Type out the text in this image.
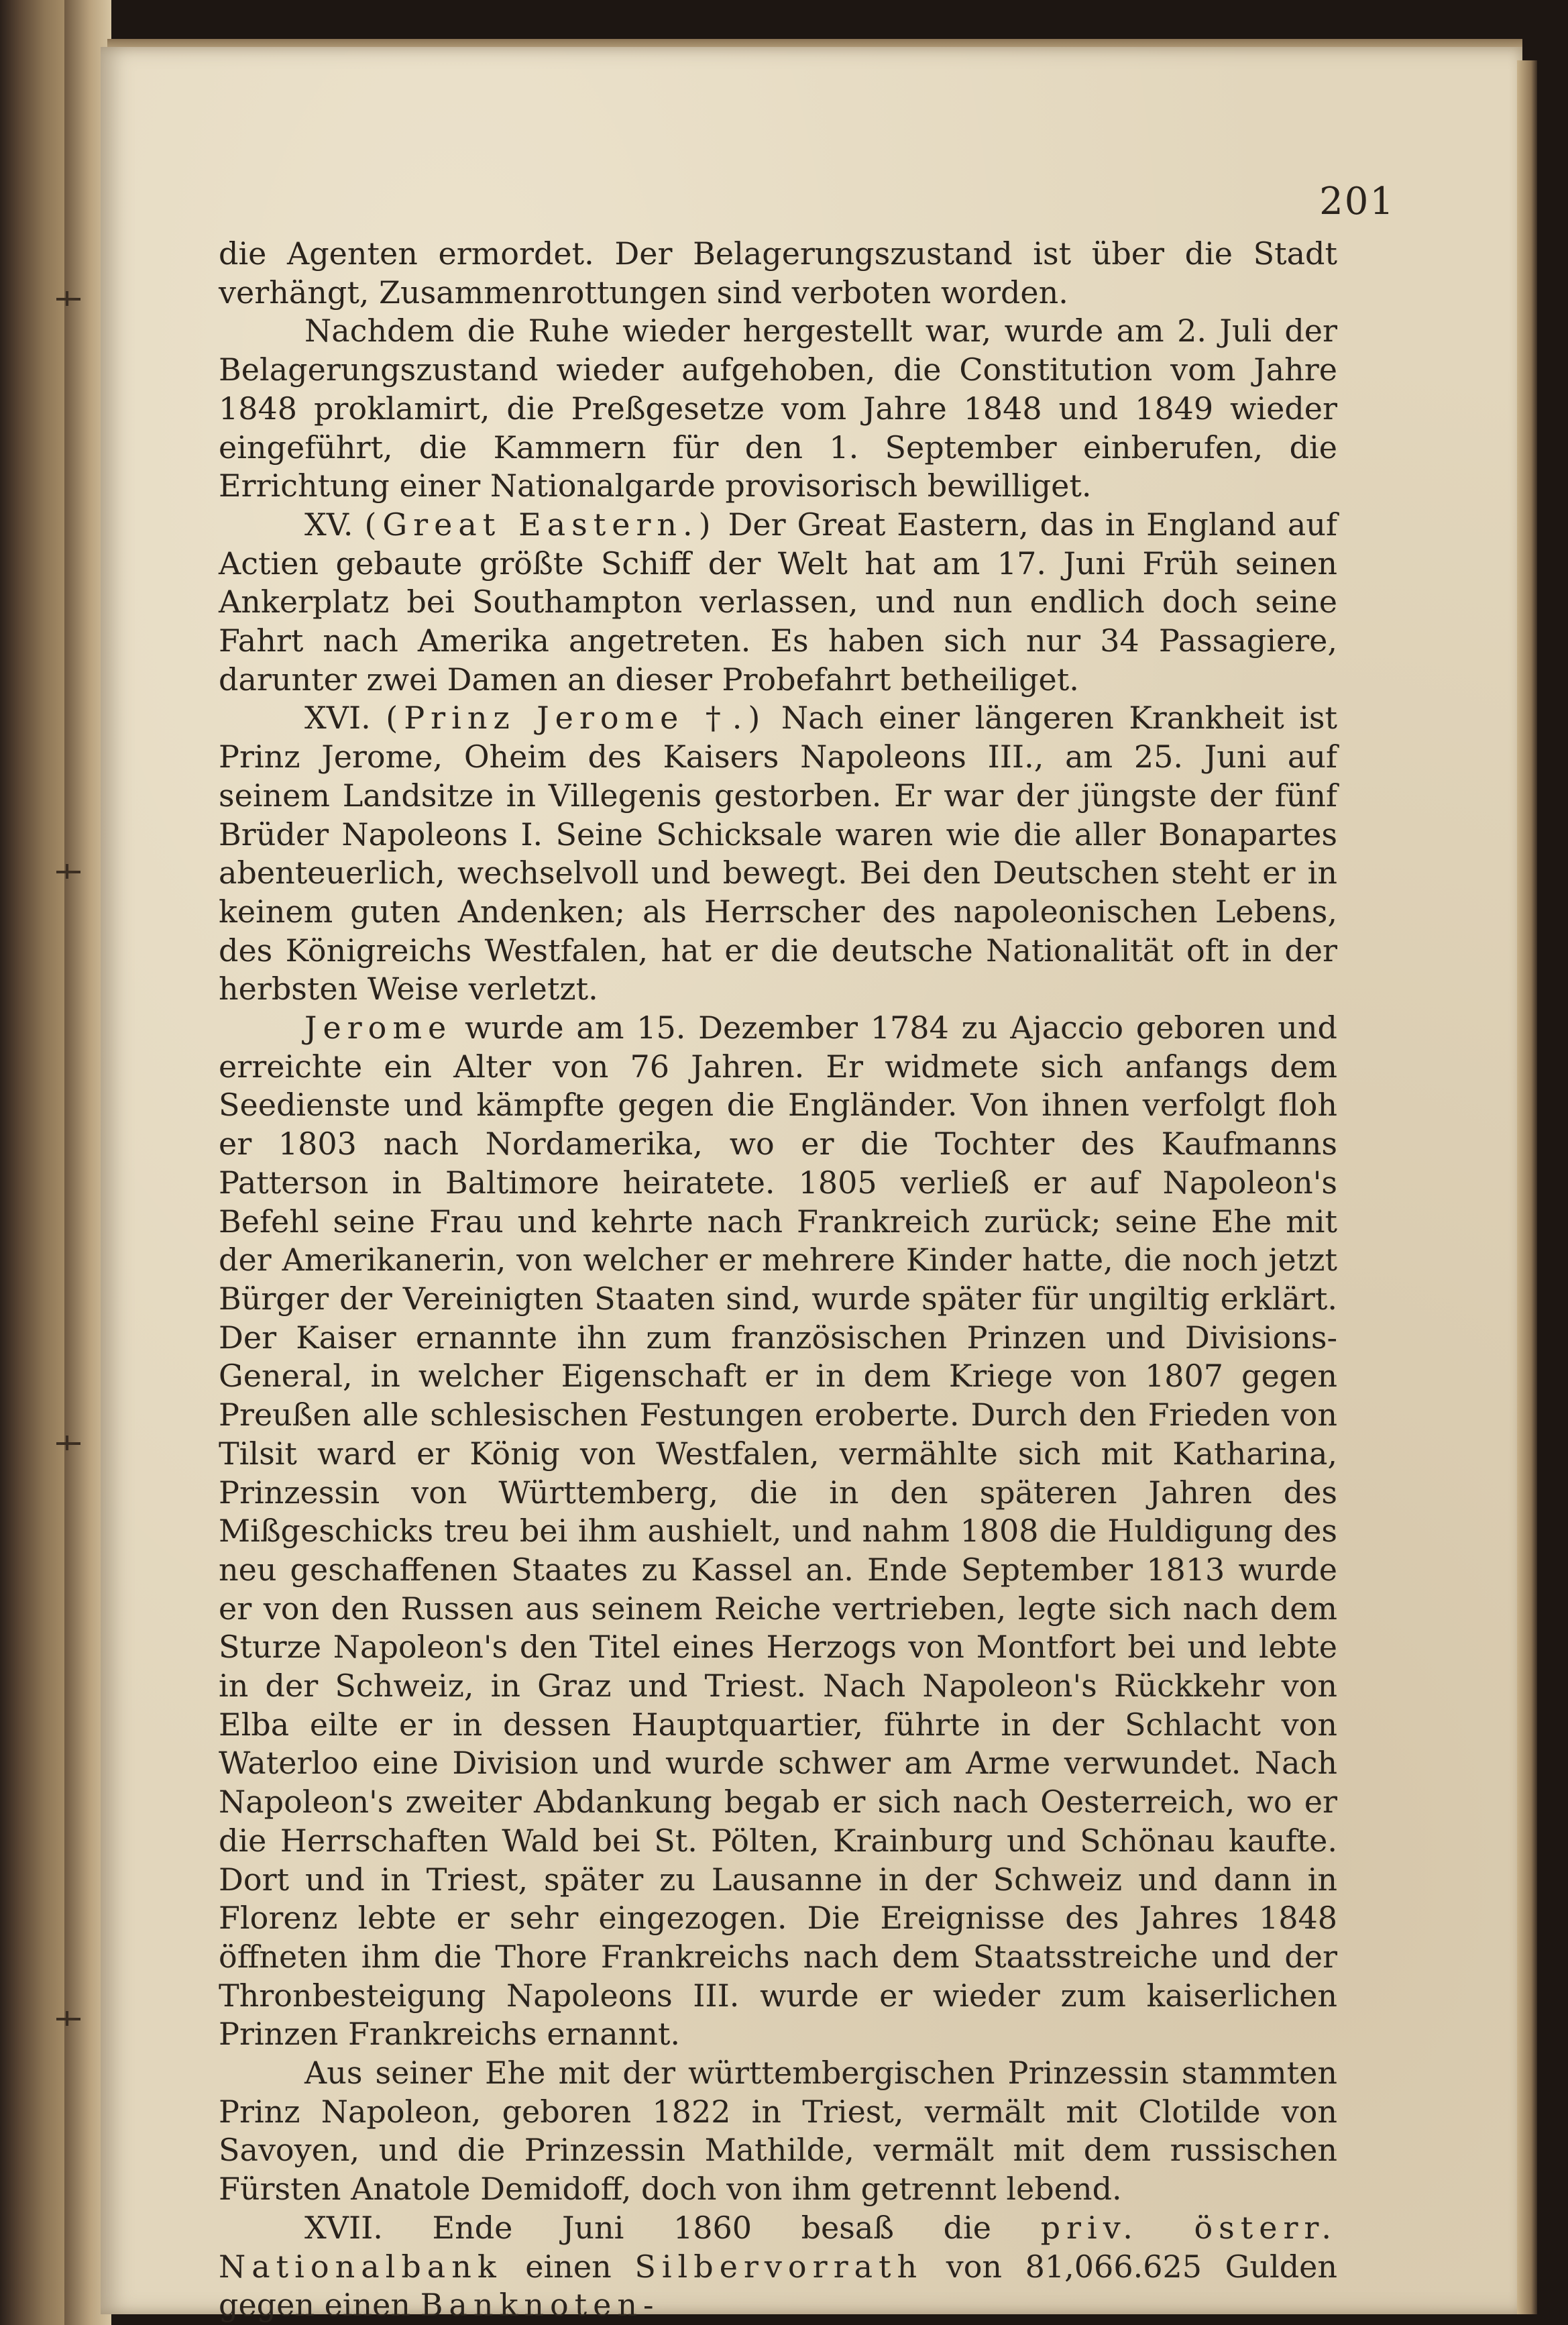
201

die Agenten ermordet. Der Belagerungszustand ist über die Stadt verhängt, Zusammenrottungen sind verboten worden.

Nachdem die Ruhe wieder hergestellt war, wurde am 2. Juli der Belagerungszustand wieder aufgehoben, die Constitution vom Jahre 1848 proklamirt, die Preßgesetze vom Jahre 1848 und 1849 wieder eingeführt, die Kammern für den 1. September einberufen, die Errichtung einer Nationalgarde provisorisch bewilliget.

XV. (Great Eastern.) Der Great Eastern, das in England auf Actien gebaute größte Schiff der Welt hat am 17. Juni Früh seinen Ankerplatz bei Southampton verlassen, und nun endlich doch seine Fahrt nach Amerika angetreten. Es haben sich nur 34 Passagiere, darunter zwei Damen an dieser Probefahrt betheiliget.

XVI. (Prinz Jerome †.) Nach einer längeren Krankheit ist Prinz Jerome, Oheim des Kaisers Napoleons III., am 25. Juni auf seinem Landsitze in Villegenis gestorben. Er war der jüngste der fünf Brüder Napoleons I. Seine Schicksale waren wie die aller Bonapartes abenteuerlich, wechselvoll und bewegt. Bei den Deutschen steht er in keinem guten Andenken; als Herrscher des napoleonischen Lebens, des Königreichs Westfalen, hat er die deutsche Nationalität oft in der herbsten Weise verletzt.

Jerome wurde am 15. Dezember 1784 zu Ajaccio geboren und erreichte ein Alter von 76 Jahren. Er widmete sich anfangs dem Seedienste und kämpfte gegen die Engländer. Von ihnen verfolgt floh er 1803 nach Nordamerika, wo er die Tochter des Kaufmanns Patterson in Baltimore heiratete. 1805 verließ er auf Napoleon's Befehl seine Frau und kehrte nach Frankreich zurück; seine Ehe mit der Amerikanerin, von welcher er mehrere Kinder hatte, die noch jetzt Bürger der Vereinigten Staaten sind, wurde später für ungiltig erklärt. Der Kaiser ernannte ihn zum französischen Prinzen und Divisions-General, in welcher Eigenschaft er in dem Kriege von 1807 gegen Preußen alle schlesischen Festungen eroberte. Durch den Frieden von Tilsit ward er König von Westfalen, vermählte sich mit Katharina, Prinzessin von Württemberg, die in den späteren Jahren des Mißgeschicks treu bei ihm aushielt, und nahm 1808 die Huldigung des neu geschaffenen Staates zu Kassel an. Ende September 1813 wurde er von den Russen aus seinem Reiche vertrieben, legte sich nach dem Sturze Napoleon's den Titel eines Herzogs von Montfort bei und lebte in der Schweiz, in Graz und Triest. Nach Napoleon's Rückkehr von Elba eilte er in dessen Hauptquartier, führte in der Schlacht von Waterloo eine Division und wurde schwer am Arme verwundet. Nach Napoleon's zweiter Abdankung begab er sich nach Oesterreich, wo er die Herrschaften Wald bei St. Pölten, Krainburg und Schönau kaufte. Dort und in Triest, später zu Lausanne in der Schweiz und dann in Florenz lebte er sehr eingezogen. Die Ereignisse des Jahres 1848 öffneten ihm die Thore Frankreichs nach dem Staatsstreiche und der Thronbesteigung Napoleons III. wurde er wieder zum kaiserlichen Prinzen Frankreichs ernannt.

Aus seiner Ehe mit der württembergischen Prinzessin stammten Prinz Napoleon, geboren 1822 in Triest, vermält mit Clotilde von Savoyen, und die Prinzessin Mathilde, vermält mit dem russischen Fürsten Anatole Demidoff, doch von ihm getrennt lebend.

XVII. Ende Juni 1860 besaß die priv. österr. Nationalbank einen Silbervorrath von 81,066.625 Gulden gegen einen Banknoten-
